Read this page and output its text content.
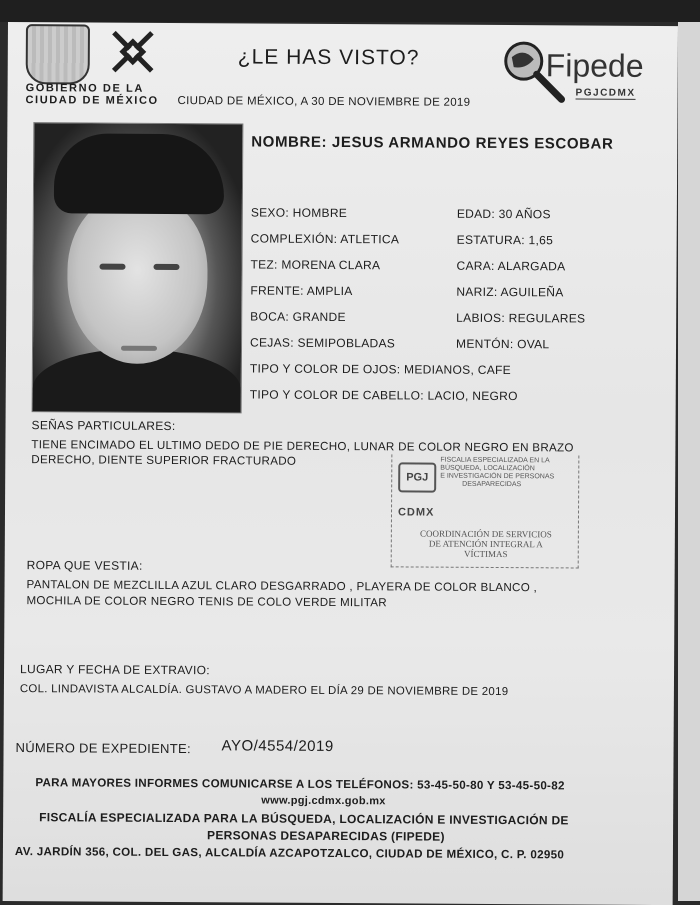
GOBIERNO DE LA
CIUDAD DE MÉXICO
¿LE HAS VISTO?
CIUDAD DE MÉXICO, A 30 DE NOVIEMBRE DE 2019
Fipede
PGJCDMX
NOMBRE: JESUS ARMANDO REYES ESCOBAR
SEXO: HOMBRE	EDAD: 30 AÑOS
COMPLEXIÓN: ATLETICA	ESTATURA: 1,65
TEZ: MORENA CLARA	CARA: ALARGADA
FRENTE: AMPLIA	NARIZ: AGUILEÑA
BOCA: GRANDE	LABIOS: REGULARES
CEJAS: SEMIPOBLADAS	MENTÓN: OVAL
TIPO Y COLOR DE OJOS: MEDIANOS, CAFE
TIPO Y COLOR DE CABELLO: LACIO, NEGRO
SEÑAS PARTICULARES:
TIENE ENCIMADO EL ULTIMO DEDO DE PIE DERECHO, LUNAR DE COLOR NEGRO EN BRAZO
DERECHO, DIENTE SUPERIOR FRACTURADO
PGJ
FISCALIA ESPECIALIZADA EN LA
BÚSQUEDA, LOCALIZACIÓN
E INVESTIGACIÓN DE PERSONAS
DESAPARECIDAS
CDMX
COORDINACIÓN DE SERVICIOS
DE ATENCIÓN INTEGRAL A
VÍCTIMAS
ROPA QUE VESTIA:
PANTALON DE MEZCLILLA AZUL CLARO DESGARRADO , PLAYERA DE COLOR BLANCO ,
MOCHILA DE COLOR NEGRO TENIS DE COLO VERDE MILITAR
LUGAR Y FECHA DE EXTRAVIO:
COL. LINDAVISTA ALCALDÍA. GUSTAVO A MADERO EL DÍA 29 DE NOVIEMBRE DE 2019
NÚMERO DE EXPEDIENTE: AYO/4554/2019
PARA MAYORES INFORMES COMUNICARSE A LOS TELÉFONOS: 53-45-50-80 Y 53-45-50-82
www.pgj.cdmx.gob.mx
FISCALÍA ESPECIALIZADA PARA LA BÚSQUEDA, LOCALIZACIÓN E INVESTIGACIÓN DE
PERSONAS DESAPARECIDAS (FIPEDE)
AV. JARDÍN 356, COL. DEL GAS, ALCALDÍA AZCAPOTZALCO, CIUDAD DE MÉXICO, C. P. 02950
